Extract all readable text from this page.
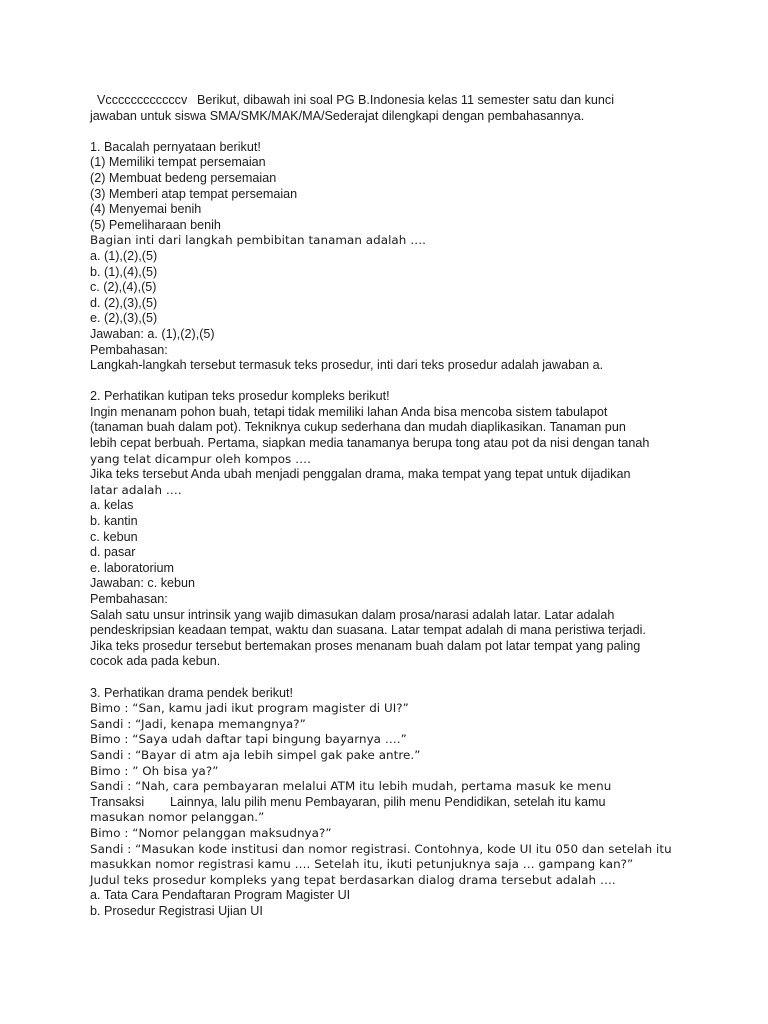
Vccccccccccccv Berikut, dibawah ini soal PG B.Indonesia kelas 11 semester satu dan kunci
jawaban untuk siswa SMA/SMK/MAK/MA/Sederajat dilengkapi dengan pembahasannya.
1. Bacalah pernyataan berikut!
(1) Memiliki tempat persemaian
(2) Membuat bedeng persemaian
(3) Memberi atap tempat persemaian
(4) Menyemai benih
(5) Pemeliharaan benih
Bagian inti dari langkah pembibitan tanaman adalah ….
a. (1),(2),(5)
b. (1),(4),(5)
c. (2),(4),(5)
d. (2),(3),(5)
e. (2),(3),(5)
Jawaban: a. (1),(2),(5)
Pembahasan:
Langkah-langkah tersebut termasuk teks prosedur, inti dari teks prosedur adalah jawaban a.
2. Perhatikan kutipan teks prosedur kompleks berikut!
Ingin menanam pohon buah, tetapi tidak memiliki lahan Anda bisa mencoba sistem tabulapot
(tanaman buah dalam pot). Tekniknya cukup sederhana dan mudah diaplikasikan. Tanaman pun
lebih cepat berbuah. Pertama, siapkan media tanamanya berupa tong atau pot da nisi dengan tanah
yang telat dicampur oleh kompos ….
Jika teks tersebut Anda ubah menjadi penggalan drama, maka tempat yang tepat untuk dijadikan
latar adalah ….
a. kelas
b. kantin
c. kebun
d. pasar
e. laboratorium
Jawaban: c. kebun
Pembahasan:
Salah satu unsur intrinsik yang wajib dimasukan dalam prosa/narasi adalah latar. Latar adalah
pendeskripsian keadaan tempat, waktu dan suasana. Latar tempat adalah di mana peristiwa terjadi.
Jika teks prosedur tersebut bertemakan proses menanam buah dalam pot latar tempat yang paling
cocok ada pada kebun.
3. Perhatikan drama pendek berikut!
Bimo : “San, kamu jadi ikut program magister di UI?”
Sandi : “Jadi, kenapa memangnya?”
Bimo : “Saya udah daftar tapi bingung bayarnya ….”
Sandi : “Bayar di atm aja lebih simpel gak pake antre.”
Bimo : ” Oh bisa ya?”
Sandi : “Nah, cara pembayaran melalui ATM itu lebih mudah, pertama masuk ke menu
Transaksi Lainnya, lalu pilih menu Pembayaran, pilih menu Pendidikan, setelah itu kamu
masukan nomor pelanggan.”
Bimo : “Nomor pelanggan maksudnya?”
Sandi : “Masukan kode institusi dan nomor registrasi. Contohnya, kode UI itu 050 dan setelah itu
masukkan nomor registrasi kamu …. Setelah itu, ikuti petunjuknya saja … gampang kan?”
Judul teks prosedur kompleks yang tepat berdasarkan dialog drama tersebut adalah ….
a. Tata Cara Pendaftaran Program Magister UI
b. Prosedur Registrasi Ujian UI
